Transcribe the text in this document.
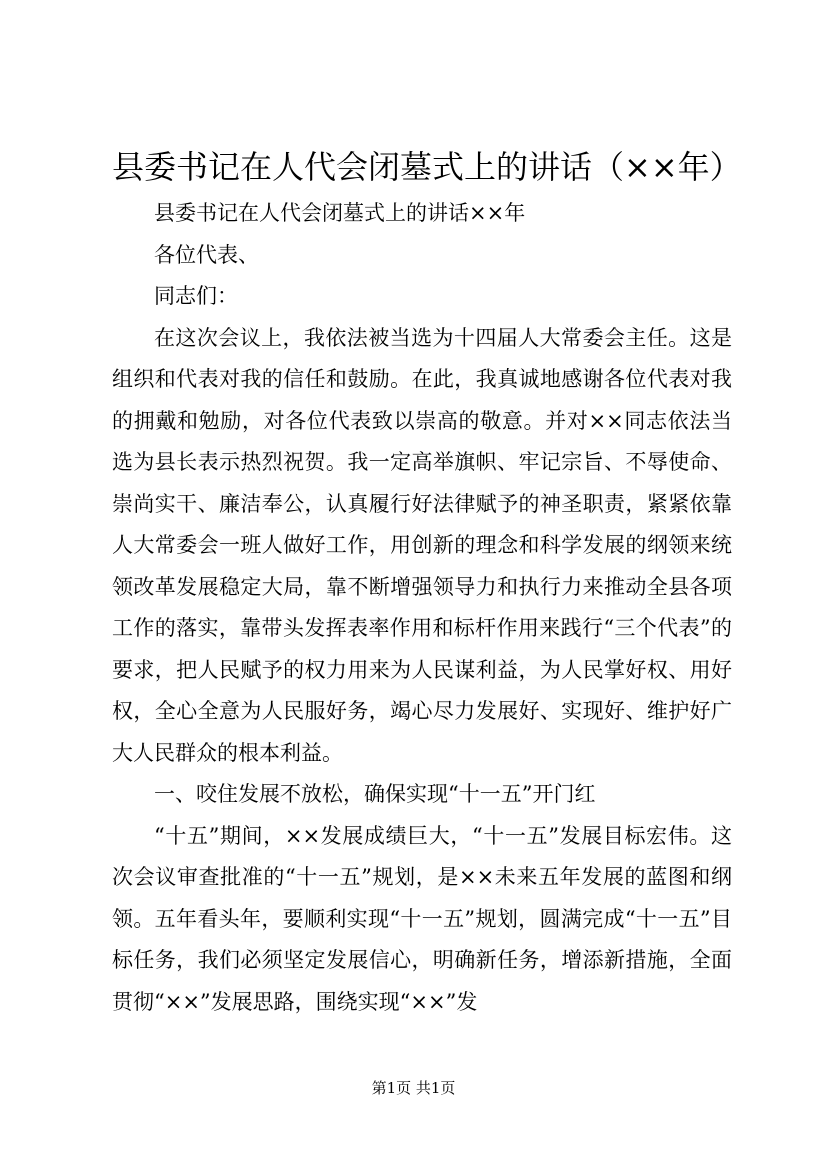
县委书记在人代会闭墓式上的讲话（××年）

县委书记在人代会闭墓式上的讲话××年

各位代表、

同志们：

在这次会议上，我依法被当选为十四届人大常委会主任。这是组织和代表对我的信任和鼓励。在此，我真诚地感谢各位代表对我的拥戴和勉励，对各位代表致以崇高的敬意。并对××同志依法当选为县长表示热烈祝贺。我一定高举旗帜、牢记宗旨、不辱使命、崇尚实干、廉洁奉公，认真履行好法律赋予的神圣职责，紧紧依靠人大常委会一班人做好工作，用创新的理念和科学发展的纲领来统领改革发展稳定大局，靠不断增强领导力和执行力来推动全县各项工作的落实，靠带头发挥表率作用和标杆作用来践行“三个代表”的要求，把人民赋予的权力用来为人民谋利益，为人民掌好权、用好权，全心全意为人民服好务，竭心尽力发展好、实现好、维护好广大人民群众的根本利益。

一、咬住发展不放松，确保实现“十一五”开门红

“十五”期间，××发展成绩巨大，“十一五”发展目标宏伟。这次会议审查批准的“十一五”规划，是××未来五年发展的蓝图和纲领。五年看头年，要顺利实现“十一五”规划，圆满完成“十一五”目标任务，我们必须坚定发展信心，明确新任务，增添新措施，全面贯彻“××”发展思路，围绕实现“××”发

第1页 共1页
